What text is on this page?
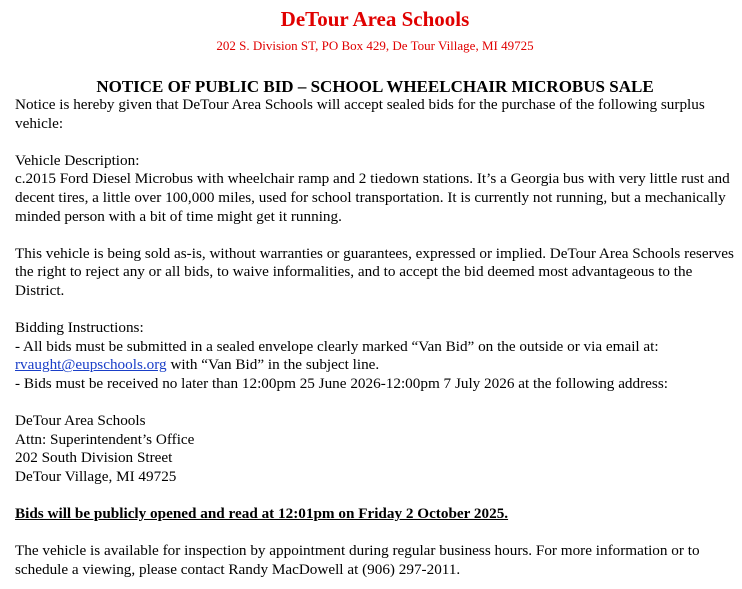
DeTour Area Schools
202 S. Division ST, PO Box 429, De Tour Village, MI 49725
NOTICE OF PUBLIC BID – SCHOOL WHEELCHAIR MICROBUS SALE

Notice is hereby given that DeTour Area Schools will accept sealed bids for the purchase of the following surplus vehicle:

Vehicle Description:

c.2015 Ford Diesel Microbus with wheelchair ramp and 2 tiedown stations. It’s a Georgia bus with very little rust and decent tires, a little over 100,000 miles, used for school transportation. It is currently not running, but a mechanically minded person with a bit of time might get it running.

This vehicle is being sold as-is, without warranties or guarantees, expressed or implied. DeTour Area Schools reserves the right to reject any or all bids, to waive informalities, and to accept the bid deemed most advantageous to the District.

Bidding Instructions:

- All bids must be submitted in a sealed envelope clearly marked “Van Bid” on the outside or via email at: rvaught@eupschools.org with “Van Bid” in the subject line.

- Bids must be received no later than 12:00pm 25 June 2026-12:00pm 7 July 2026 at the following address:

DeTour Area Schools

Attn: Superintendent’s Office

202 South Division Street

DeTour Village, MI 49725

Bids will be publicly opened and read at 12:01pm on Friday 2 October 2025.

The vehicle is available for inspection by appointment during regular business hours. For more information or to schedule a viewing, please contact Randy MacDowell at (906) 297-2011.
